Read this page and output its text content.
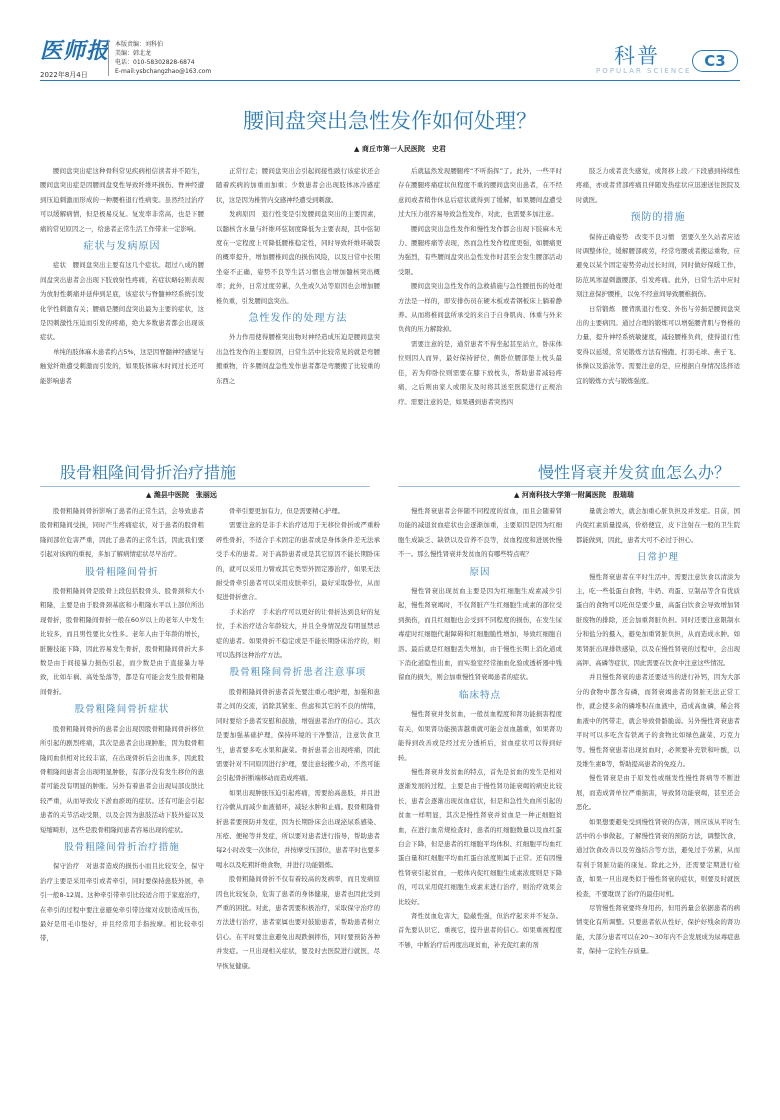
医师报
2022年8月4日
本版责编：刘科伯
美编：韩北龙
电话：010-58302828-6874
E-mail:ysbchangzhao@163.com
科普
POPULAR SCIENCE
C3
腰间盘突出急性发作如何处理？
▲ 商丘市第一人民医院　史君

腰间盘突出症这种骨科常见疾病相信读者并不陌生，腰间盘突出症是因腰间盘变性导致纤维环损伤、脊神经遭到压迫刺激而形成的一种腰椎退行性病变。虽然经过治疗可以缓解病情，但是极易反复。复发率非常高，也是下腰痛的常见原因之一，给患者正常生活工作带来一定影响。

症状与发病原因

症状　腰间盘突出主要有这几个症状。超过八成的腰间盘突出患者会出现下肢放射性疼痛，若症状略轻则表现为放射性刺痛并延伸到足底，该症状与脊髓神经系统引发化学性刺激有关；腰痛是腰间盘突出最为主要的症状，这是因刺激性压迫而引发的疼痛，绝大多数患者都会出现该症状。

单纯的肢体麻木患者约占5%，这是因脊髓神经感觉与触觉纤维遭受刺激而引发的，如果肢体麻木时间过长还可能影响患者

正常行走；腰间盘突出会引起间接性跛行该症状还会随着疾病的加重而加重；少数患者会出现肢体冰冷感症状，这是因为椎管内交感神经遭受到刺激。

发病原因　退行性变是引发腰间盘突出的主要因素，以髓核含水量与纤维环弦韧度降低为主要表现，其中弦韧度在一定程度上可降低腰椎稳定性，同时导致纤维环破裂的概率提升，增加腰椎间盘的损伤风险，以及日常中长期坐姿不正确、姿势不良等生活习惯也会增加髓核突出概率；此外，日常过度劳累、久坐或久站等原因也会增加腰椎负重，引发腰间盘突出。

急性发作的处理方法

外力作用使得腰椎突出物对神经造成压迫是腰间盘突出急性发作的主要原因，日常生活中比较常见的就是弯腰搬重物，许多腰间盘急性发作患者都是弯腰搬了比较重的东西之

后就猛然发现腰腿疼“不听指挥”了。此外，一些平时存在腰腿疼痛症状但程度不重的腰间盘突出患者，在不经意间或者稍作休息后症状就得到了缓解，如果腰间盘遭受过大压力很容易导致急性发作，对此，也需要多加注意。

腰间盘突出急性发作和慢性发作都会出现下肢麻木无力、腰腿疼痛等表现，然而急性发作程度更强，如腰痛更为强烈，有些腰间盘突出急性发作时甚至会发生腰部活动受限。

腰间盘突出急性发作的急救措施与急性腰扭伤的处理方法是一样的，即安排伤员在硬木板或者钢板床上躺着静养。从而将椎间盘所承受的来自于自身肌肉、体重与外来负荷的压力解除掉。

需要注意的是，通常患者不得坐起甚至站立，卧床体位则因人而异，最好保持舒位，侧卧位腰部垫上枕头最佳，若为仰卧位则需要在膝下放枕头，帮助患者减轻疼痛，之后则由家人或朋友及时将其送至医院进行正规治疗。需要注意的是，如果遇到患者突然四

肢乏力或者丧失感觉，或肾移上段／下段感到持续性疼痛，亦或者背部疼痛且伴随发热症状应迅速送往医院及时就医。

预防的措施

保持正确姿势　改变不良习惯　需要久坐久站者应适时调整体位，缓解腰部疲劳，经常弯腰或者搬运重物，应避免以某个固定姿势劳动过长时间，同时做好保暖工作，防范风寒湿刺激腰部，引发疼痛。此外，日常生活中应时刻注意保护腰椎，以免不经意间导致腰椎损伤。

日常锻炼　腰背肌退行性变、外伤与劳损是腰间盘突出的主要病因。通过合理的锻炼可以增强腰背肌与脊椎的力量，提升神经系统敏捷度，减轻腰椎负荷，使得退行性变得以延缓，常见锻炼方法有慢跑、打羽毛球、燕子飞、体操以及游泳等。需要注意的是，应根据自身情况选择适宜的锻炼方式与锻炼强度。

股骨粗隆间骨折治疗措施
▲ 潍县中医院　张丽远

股骨粗隆间骨折影响了患者的正常生活，会导致患者股骨粗隆间受损，同时产生疼痛症状，对于患者的股骨粗隆间部位危害严重，因此了患者的正常生活，因此我们要引起对该病的重视，多加了解病情症状尽早治疗。

股骨粗隆间骨折

股骨粗隆间骨是股骨上段包括股骨头、股骨颈和大小粗隆，主要是由于股骨颈基底和小粗隆水平以上部位所出现骨折，股骨粗隆间骨折一般在60岁以上的老年人中发生比较多，而且男性要比女性多。老年人由于年龄的增长，脏腑技能下降，因此容易发生骨折，股骨粗隆间骨折大多数是由于间接暴力损伤引起，而少数是由于直接暴力导致，比如车祸、高处坠落等，都是有可能会发生股骨粗隆间骨折。

股骨粗隆间骨折症状

股骨粗隆间骨折的患者会出现因股骨粗隆间骨折移位所引起的剧烈疼痛，其次是患者会出现肿胀，因为股骨粗隆间血供相对比较丰富，在出现骨折后会出血多，因此股骨粗隆间患者会出现明显肿胀，有部分没有发生移位的患者可能没有明显的肿胀。另外有着患者会出现局部皮肤比较严重，从而导致皮下淤血瘀斑的症状。还有可能会引起患者的关节活动受限，以及会因为患肢活动下肢外旋以及短缩畸形，这些是股骨粗隆间患者容易出现的症状。

股骨粗隆间骨折治疗措施

保守治疗　对患者造成的损伤小而且比较安全，保守治疗主要是采用牵引或者牵引，同时要保持患肢外展，牵引一般8-12周。这种牵引带牵引比较适合用于家庭治疗，在牵引的过程中要注意避免牵引带边缘对皮肤造成压伤，最好是用毛巾垫好，并且经常用手指按摩。相比较牵引带，

骨牵引要更加有力，但是需要精心护理。

需要注意的是非手术治疗适用于无移位骨折或严重粉碎性骨折，不适合手术固定的患者或是身体条件差无法承受手术的患者。对于高龄患者或是其它原因不能长期卧床的，就可以采用力臂或其它类型外固定器治疗，如果无法耐受骨牵引患者可以采用皮肤牵引，最好采取卧位，从而促进骨折愈合。

手术治疗　手术治疗可以更好的让骨折达到良好的复位，手术治疗适合年龄较大，并且全身情况没有明显禁忌症的患者。如果骨折不稳定或是不能长期卧床治疗的，则可以选择这种治疗方法。

股骨粗隆间骨折患者注意事项

股骨粗隆间骨折患者首先要注重心理护理，加强和患者之间的交流，消除其紧张、焦虑和其它的不良的情绪，同时要给予患者安慰和鼓励，增强患者治疗的信心。其次是要加强基础护理，保持环境的干净整洁，注意饮食卫生，患者要多吃水果和蔬菜。骨折患者会出现疼痛，因此需要针对不同原因进行护理，要注意轻搬少动，不然可能会引起骨折断端移动而造成疼痛。

如果出现肿胀压迫引起疼痛，需要抬高患肢，并且进行冷敷从而减少血液循环，减轻水肿和止痛。股骨粗隆骨折患者要预防并发症，因为长期卧床会出现泌尿系感染、压疮、便秘等并发症，所以要对患者进行指导，帮助患者每2小时改变一次体位，并按摩受压部位，患者平时也要多喝水以及吃粗纤维食物，并进行功能锻炼。

股骨粗隆间骨折不仅有着较高的发病率，而且发病原因也比较复杂，危害了患者的身体健康，患者也因此受到严重的困扰。对此，患者需要积极治疗，采取保守治疗的方法进行治疗，患者家属也要对鼓励患者，帮助患者树立信心。在平时要注意避免出现跌倒摔伤，同时要预防各种并发症。一旦出现相关症状，要及时去医院进行就医，尽早恢复健康。

慢性肾衰并发贫血怎么办？
▲ 河南科技大学第一附属医院　殷瑞瑞

慢性肾衰患者会伴随不同程度的贫血，而且会随着肾功能的减退贫血症状也会逐渐加重，主要原因是因为红细胞生成缺乏、缺铁以及营养不良等，贫血程度和进展快慢不一。那么慢性肾衰并发贫血的有哪些特点呢？

原因

慢性肾衰出现贫血主要是因为红细胞生成素减少引起，慢性肾衰竭时，不仅肾脏产生红细胞生成素的部位受到损伤，而且红细胞也会受到不同程度的损伤，在发生尿毒症时红细胞代谢障碍和红细胞脆性增加，导致红细胞自溶。最后就是红细胞丢失增加，由于慢性长期上消化道或下消化道隐性出血，而实验室经常抽血化验或透析器中残留血的损失，则会加重慢性肾衰竭患者的症状。

临床特点

慢性肾衰并发贫血，一般贫血程度和肾功能损害程度有关，如果肾功能损害越重就可能会贫血越重，如果肾功能得到改善或是经过充分透析后，贫血症状可以得到好转。

慢性肾衰并发贫血的特点，首先是贫血的发生是相对逐渐发展的过程，主要是由于慢性肾功能衰竭的病史比较长，患者会逐渐出现贫血症状，但是和急性失血所引起的贫血一样明显，其次是慢性肾衰并贫血是一种正细胞贫血，在进行血常规检查时，患者的红细胞数量以及血红蛋白会下降，但是患者的红细胞平均体积、红细胞平均血红蛋白量和红细胞平均血红蛋白浓度则属于正常。还有因慢性肾衰引起贫血，一般体内促红细胞生成素浓度则是下降的，可以采用促红细胞生成素来进行治疗，则治疗效果会比较好。

肾性贫血危害大，隐蔽性强，但治疗起来并不复杂。首先要认识它、重视它，提升患者的信心。如果重视程度不够，中断治疗后再度出现贫血，补充促红素的剂

量就会增大，就会加重心脏负担及并发症。目前，国内促红素质量提高，价格便宜，皮下注射在一般的卫生院都能做到，因此，患者大可不必过于担心。

日常护理

慢性肾衰患者在平时生活中，需要注意饮食以清淡为主，吃一些低蛋白食物，牛奶、鸡蛋、豆制品等含有优质蛋白的食物可以吃但是要少量，高蛋白饮食会导致增加肾脏废物的排除，还会加重肾脏负担。同时还要注意限制水分和盐分的摄入，避免加重肾脏负担，从而造成水肿。如果肾脏出现排铁感染，以及在慢性肾衰的过程中，会出现高钾、高磷等症状，因此需要在饮食中注意这些情况。

并且慢性肾衰的患者还要适当的进行补钙，因为大部分的食物中都含有磷，而肾衰竭患者的肾脏无法正常工作，就会使多余的磷堆积在血液中，造成高血磷，稀会将血液中的钙带走，就会导致骨骼脆弱。另外慢性肾衰患者平时可以多吃含有铁离子的食物比如绿色蔬菜、巧克力等。慢性肾衰患者出现贫血时，必须要补充铁和叶酸，以及维生素B等，帮助提高患者的免疫力。

慢性肾衰是由于原发性或继发性慢性肾病等不断进展，而造成肾单位严重损害，导致肾功能衰竭，甚至还会恶化。

如果想要避免受到慢性肾衰的伤害，则应该从平时生活中的小事做起，了解慢性肾衰的预防方法，调整饮食，通过饮食改善以及劳逸结合等方法，避免过于劳累，从而有利于肾脏功能的康复。除此之外，还需要定期进行检查，如果一旦出现类似于慢性肾衰的症状，则要及时就医检查，不要耽误了治疗的最佳时机。

尽管慢性肾衰要终身用药，但用药量会依据患者的病情变化有所调整。只要患者依从性好，保护好残余的肾功能，大部分患者可以在20～30年内不会发展成为尿毒症患者，保持一定的生存质量。
